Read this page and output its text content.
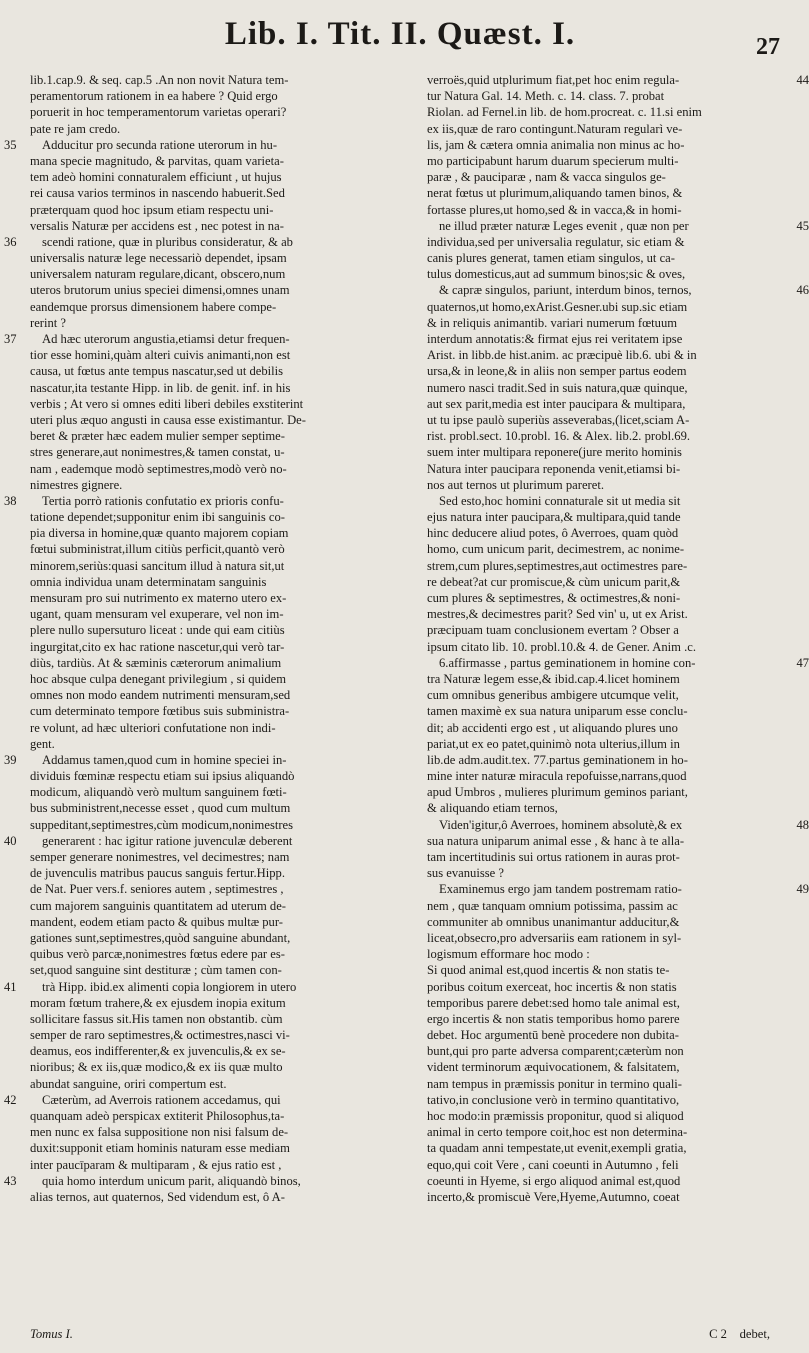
Lib. I. Tit. II. Quæst. I.	27
lib.1.cap.9. & seq. cap.5 .An non novit Natura tem-
peramentorum rationem in ea habere ? Quid ergo
poruerit in hoc temperamentorum varietas operari?
pate re jam credo.
35	Adducitur pro secunda ratione uterorum in hu-
mana specie magnitudo, & parvitas, quam varieta-
tem adeò homini connaturalem efficiunt , ut hujus
rei causa varios terminos in nascendo habuerit.Sed
præterquam quod hoc ipsum etiam respectu uni-
versalis Naturæ per accidens est , nec potest in na-
36	scendi ratione, quæ in pluribus consideratur, & ab
universalis naturæ lege necessariò dependet, ipsam
universalem naturam regulare,dicant, obscero,num
uteros brutorum unius speciei dimensi,omnes unam
eandemque prorsus dimensionem habere compe-
rerint ?
37	Ad hæc uterorum angustia,etiamsi detur frequen-
tior esse homini,quàm alteri cuivis animanti,non est
causa, ut fœtus ante tempus nascatur,sed ut debilis
nascatur,ita testante Hipp. in lib. de genit. inf. in his
verbis ; At vero si omnes editi liberi debiles exstiterint
uteri plus æquo angusti in causa esse existimantur. De-
beret & præter hæc eadem mulier semper septime-
stres generare,aut nonimestres,& tamen constat, u-
nam , eademque modò septimestres,modò verò no-
nimestres gignere.
38	Tertia porrò rationis confutatio ex prioris confu-
tatione dependet;supponitur enim ibi sanguinis co-
pia diversa in homine,quæ quanto majorem copiam
fœtui subministrat,illum citiùs perficit,quantò verò
minorem,seriùs:quasi sancitum illud à natura sit,ut
omnia individua unam determinatam sanguinis
mensuram pro sui nutrimento ex materno utero ex-
ugant, quam mensuram vel exuperare, vel non im-
plere nullo supersuturo liceat : unde qui eam citiùs
ingurgitat,cito ex hac ratione nascetur,qui verò tar-
diùs, tardiùs. At & sæminis cæterorum animalium
hoc absque culpa denegant privilegium , si quidem
omnes non modo eandem nutrimenti mensuram,sed
cum determinato tempore fœtibus suis subministra-
re volunt, ad hæc ulteriori confutatione non indi-
gent.
39	Addamus tamen,quod cum in homine speciei in-
dividuis fœminæ respectu etiam sui ipsius aliquandò
modicum, aliquandò verò multum sanguinem fœti-
bus subministrent,necesse esset , quod cum multum
suppeditant,septimestres,cùm modicum,nonimestres
40	generarent : hac igitur ratione juvenculæ deberent
semper generare nonimestres, vel decimestres; nam
de juvenculis matribus paucus sanguis fertur.Hipp.
de Nat. Puer vers.f. seniores autem , septimestres ,
cum majorem sanguinis quantitatem ad uterum de-
mandent, eodem etiam pacto & quibus multæ pur-
gationes sunt,septimestres,quòd sanguine abundant,
quibus verò parcæ,nonimestres fœtus edere par es-
set,quod sanguine sint destituræ ; cùm tamen con-
41	trà Hipp. ibid.ex alimenti copia longiorem in utero
moram fœtum trahere,& ex ejusdem inopia exitum
sollicitare fassus sit.His tamen non obstantib. cùm
semper de raro septimestres,& octimestres,nasci vi-
deamus, eos indifferenter,& ex juvenculis,& ex se-
nioribus; & ex iis,quæ modico,& ex iis quæ multo
abundat sanguine, oriri compertum est.
42	Cæterùm, ad Averrois rationem accedamus, qui
quanquam adeò perspicax extiterit Philosophus,ta-
men nunc ex falsa suppositione non nisi falsum de-
duxit:supponit etiam hominis naturam esse mediam
inter paucīparam & multiparam , & ejus ratio est ,
43	quia homo interdum unicum parit, aliquandò binos,
alias ternos, aut quaternos, Sed videndum est, ô A-
44
verroës,quid utplurimum fiat,pet hoc enim regula-
tur Natura Gal. 14. Meth. c. 14. class. 7. probat
Riolan. ad Fernel.in lib. de hom.procreat. c. 11.si enim
ex iis,quæ de raro contingunt.Naturam regularì ve-
lis, jam & cætera omnia animalia non minus ac ho-
mo participabunt harum duarum specierum multi-
paræ , & pauciparæ , nam & vacca singulos ge-
nerat fœtus ut plurimum,aliquando tamen binos, &
fortasse plures,ut homo,sed & in vacca,& in homi-
45
ne illud præter naturæ Leges evenit , quæ non per
individua,sed per universalia regulatur, sic etiam &
canis plures generat, tamen etiam singulos, ut ca-
tulus domesticus,aut ad summum binos;sic & oves,
46
& capræ singulos, pariunt, interdum binos, ternos,
quaternos,ut homo,exArist.Gesner.ubi sup.sic etiam
& in reliquis animantib. variari numerum fœtuum
interdum annotatis:& firmat ejus rei veritatem ipse
Arist. in libb.de hist.anim. ac præcipuè lib.6. ubi & in
ursa,& in leone,& in aliis non semper partus eodem
numero nasci tradit.Sed in suis natura,quæ quinque,
aut sex parit,media est inter paucipara & multipara,
ut tu ipse paulò superiùs asseverabas,(licet,sciam A-
rist. probl.sect. 10.probl. 16. & Alex. lib.2. probl.69.
suem inter multipara reponere(jure merito hominis
Natura inter paucipara reponenda venit,etiamsi bi-
nos aut ternos ut plurimum pareret.
Sed esto,hoc homini connaturale sit ut media sit
ejus natura inter paucipara,& multipara,quid tande
hinc deducere aliud potes, ô Averroes, quam quòd
homo, cum unicum parit, decimestrem, ac nonime-
strem,cum plures,septimestres,aut octimestres pare-
re debeat?at cur promiscue,& cùm unicum parit,&
cum plures & septimestres, & octimestres,& noni-
mestres,& decimestres parit? Sed vin' u, ut ex Arist.
præcipuam tuam conclusionem evertam ? Obser a
ipsum citato lib. 10. probl.10.& 4. de Gener. Anim .c.
47
6.affirmasse , partus geminationem in homine con-
tra Naturæ legem esse,& ibid.cap.4.licet hominem
cum omnibus generibus ambigere utcumque velit,
tamen maximè ex sua natura uniparum esse conclu-
dit; ab accidenti ergo est , ut aliquando plures uno
pariat,ut ex eo patet,quinimò nota ulterius,illum in
lib.de adm.audit.tex. 77.partus geminationem in ho-
mine inter naturæ miracula repofuisse,narrans,quod
apud Umbros , mulieres plurimum geminos pariant,
& aliquando etiam ternos,
48
Viden'igitur,ô Averroes, hominem absolutè,& ex
sua natura uniparum animal esse , & hanc à te alla-
tam incertitudinis sui ortus rationem in auras prot-
sus evanuisse ?
49
Examinemus ergo jam tandem postremam ratio-
nem , quæ tanquam omnium potissima, passim ac
communiter ab omnibus unanimantur adducitur,&
liceat,obsecro,pro adversariis eam rationem in syl-
logismum efformare hoc modo :
Si quod animal est,quod incertis & non statis te-
poribus coitum exerceat, hoc incertis & non statis
temporibus parere debet:sed homo tale animal est,
ergo incertis & non statis temporibus homo parere
debet. Hoc argumentū benè procedere non dubita-
bunt,qui pro parte adversa comparent;cæterùm non
vident terminorum æquivocationem, & falsitatem,
nam tempus in præmissis ponitur in termino quali-
tativo,in conclusione verò in termino quantitativo,
hoc modo:in præmissis proponitur, quod si aliquod
animal in certo tempore coit,hoc est non determina-
ta quadam anni tempestate,ut evenit,exempli gratia,
equo,qui coit Vere , cani coeunti in Autumno , feli
coeunti in Hyeme, si ergo aliquod animal est,quod
incerto,& promiscuè Vere,Hyeme,Autumno, coeat
Tomus I.	C 2 debet,
